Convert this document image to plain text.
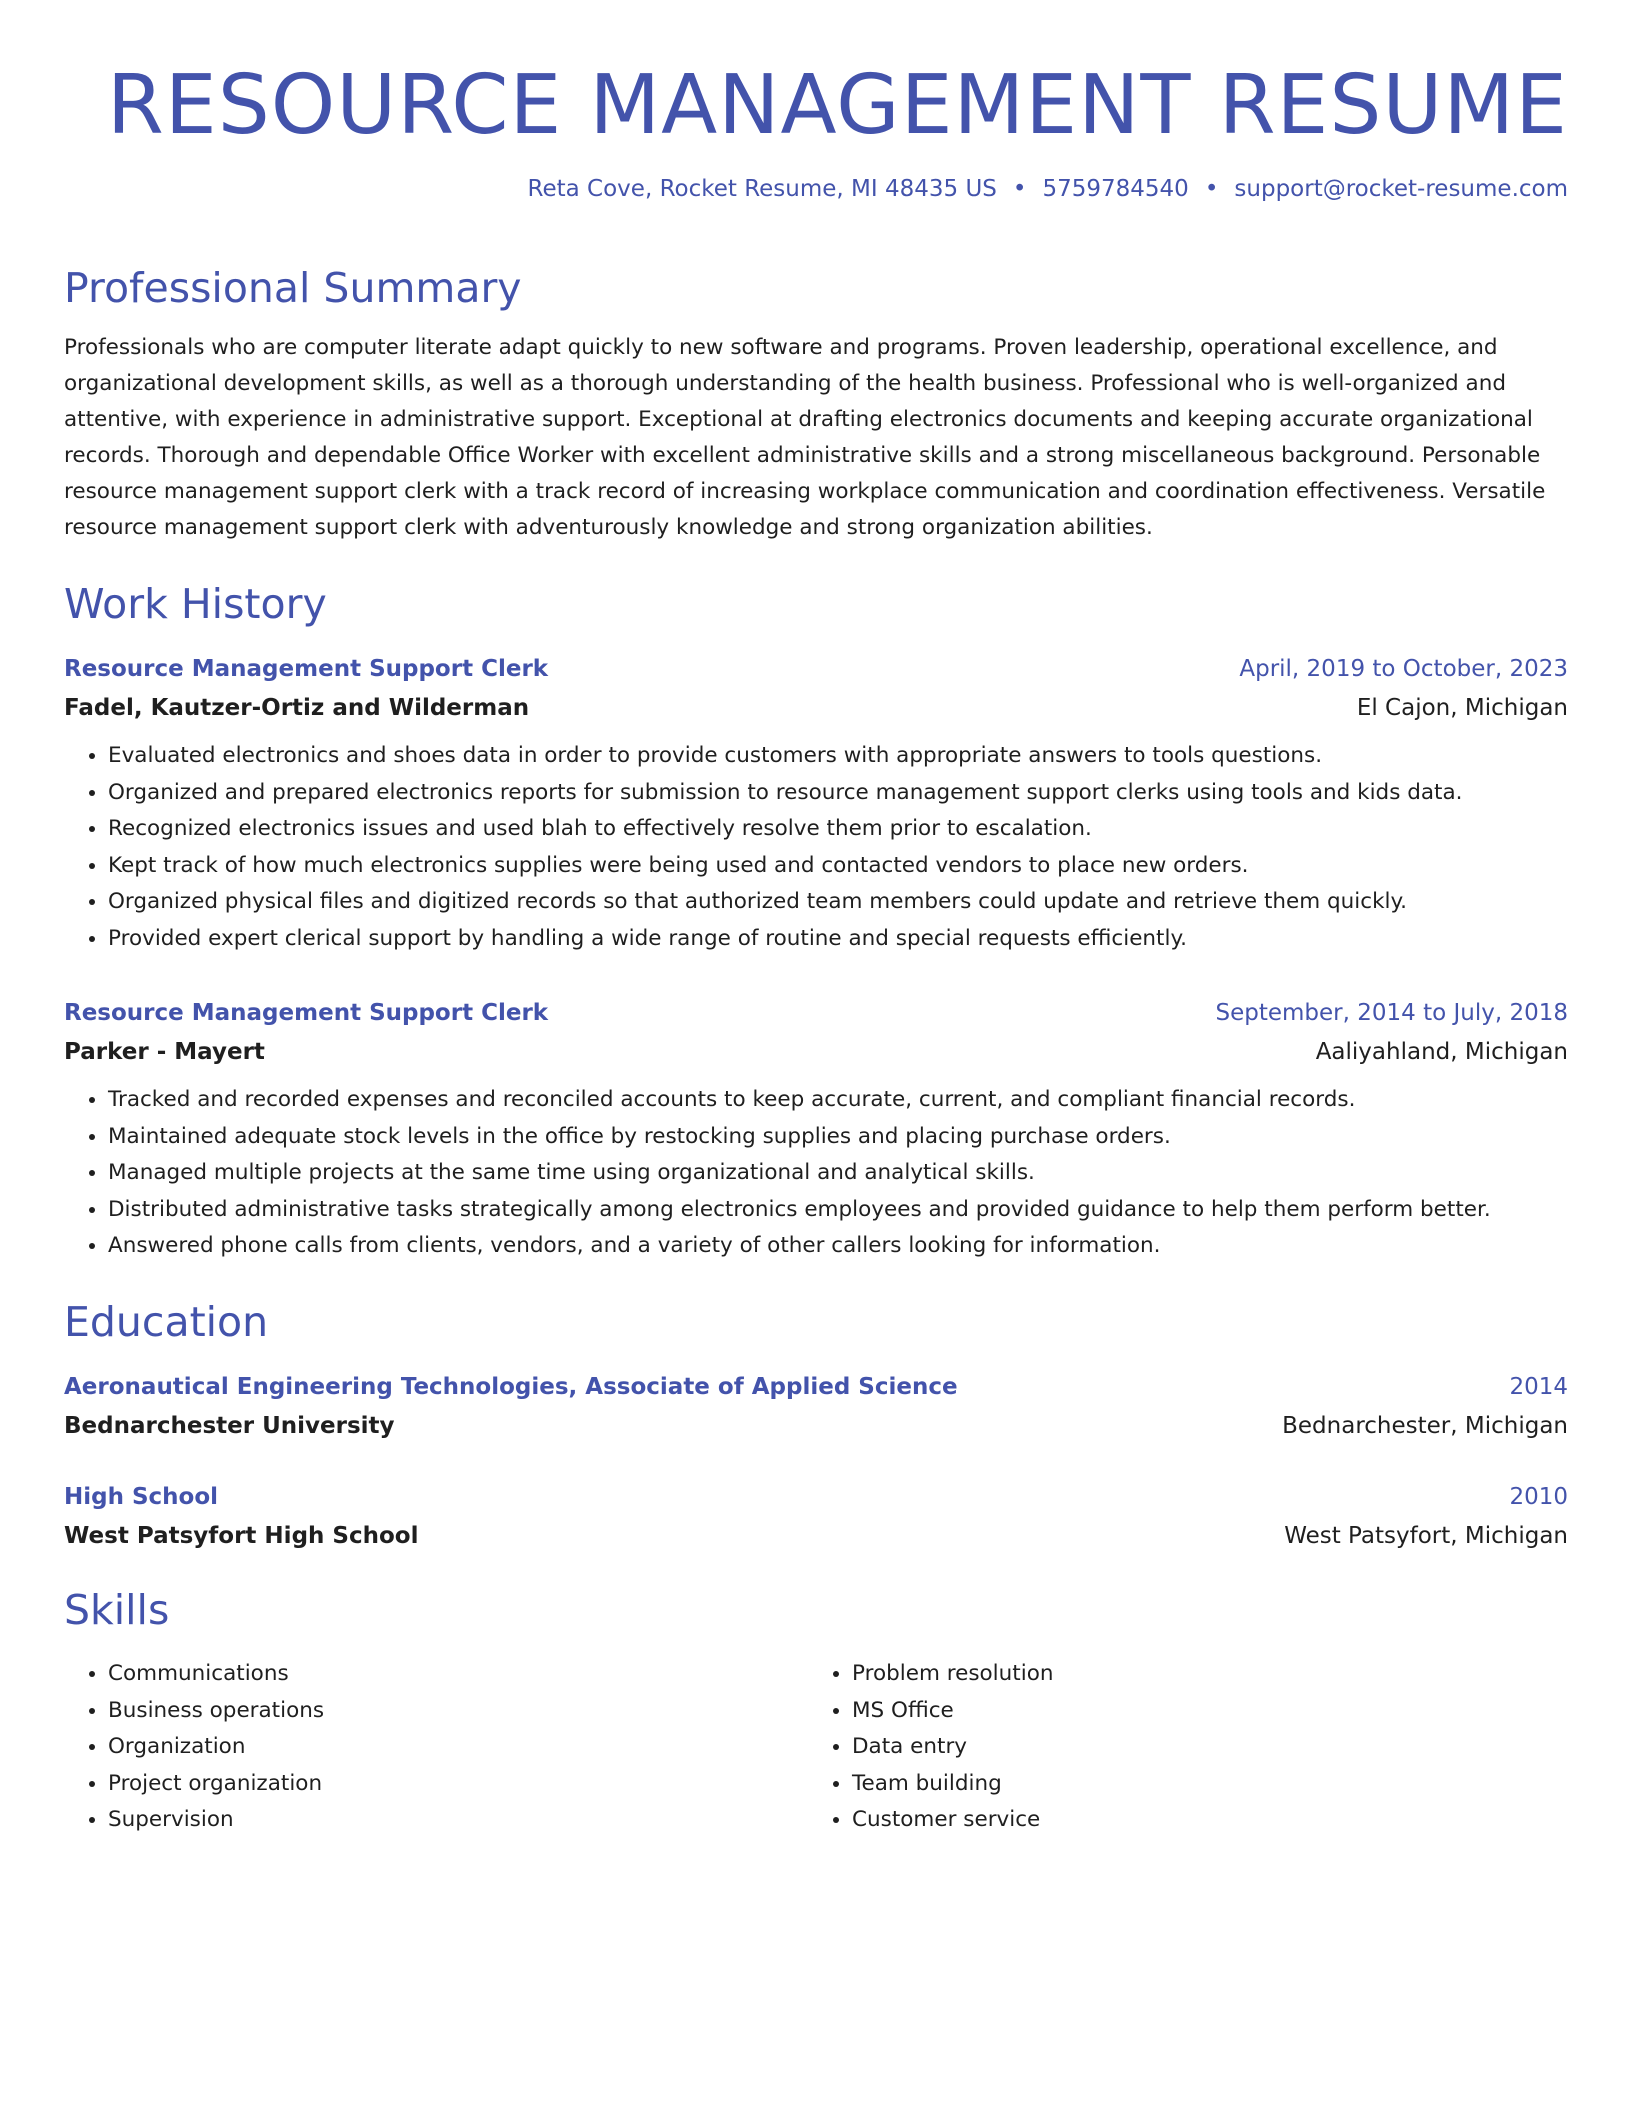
RESOURCE MANAGEMENT RESUME
Reta Cove, Rocket Resume, MI 48435 US • 5759784540 • support@rocket-resume.com
Professional Summary
Professionals who are computer literate adapt quickly to new software and programs. Proven leadership, operational excellence, and organizational development skills, as well as a thorough understanding of the health business. Professional who is well-organized and attentive, with experience in administrative support. Exceptional at drafting electronics documents and keeping accurate organizational records. Thorough and dependable Office Worker with excellent administrative skills and a strong miscellaneous background. Personable resource management support clerk with a track record of increasing workplace communication and coordination effectiveness. Versatile resource management support clerk with adventurously knowledge and strong organization abilities.
Work History
Resource Management Support Clerk	April, 2019 to October, 2023
Fadel, Kautzer-Ortiz and Wilderman	El Cajon, Michigan
• Evaluated electronics and shoes data in order to provide customers with appropriate answers to tools questions.
• Organized and prepared electronics reports for submission to resource management support clerks using tools and kids data.
• Recognized electronics issues and used blah to effectively resolve them prior to escalation.
• Kept track of how much electronics supplies were being used and contacted vendors to place new orders.
• Organized physical files and digitized records so that authorized team members could update and retrieve them quickly.
• Provided expert clerical support by handling a wide range of routine and special requests efficiently.
Resource Management Support Clerk	September, 2014 to July, 2018
Parker - Mayert	Aaliyahland, Michigan
• Tracked and recorded expenses and reconciled accounts to keep accurate, current, and compliant financial records.
• Maintained adequate stock levels in the office by restocking supplies and placing purchase orders.
• Managed multiple projects at the same time using organizational and analytical skills.
• Distributed administrative tasks strategically among electronics employees and provided guidance to help them perform better.
• Answered phone calls from clients, vendors, and a variety of other callers looking for information.
Education
Aeronautical Engineering Technologies, Associate of Applied Science	2014
Bednarchester University	Bednarchester, Michigan
High School	2010
West Patsyfort High School	West Patsyfort, Michigan
Skills
• Communications
• Business operations
• Organization
• Project organization
• Supervision
• Problem resolution
• MS Office
• Data entry
• Team building
• Customer service
